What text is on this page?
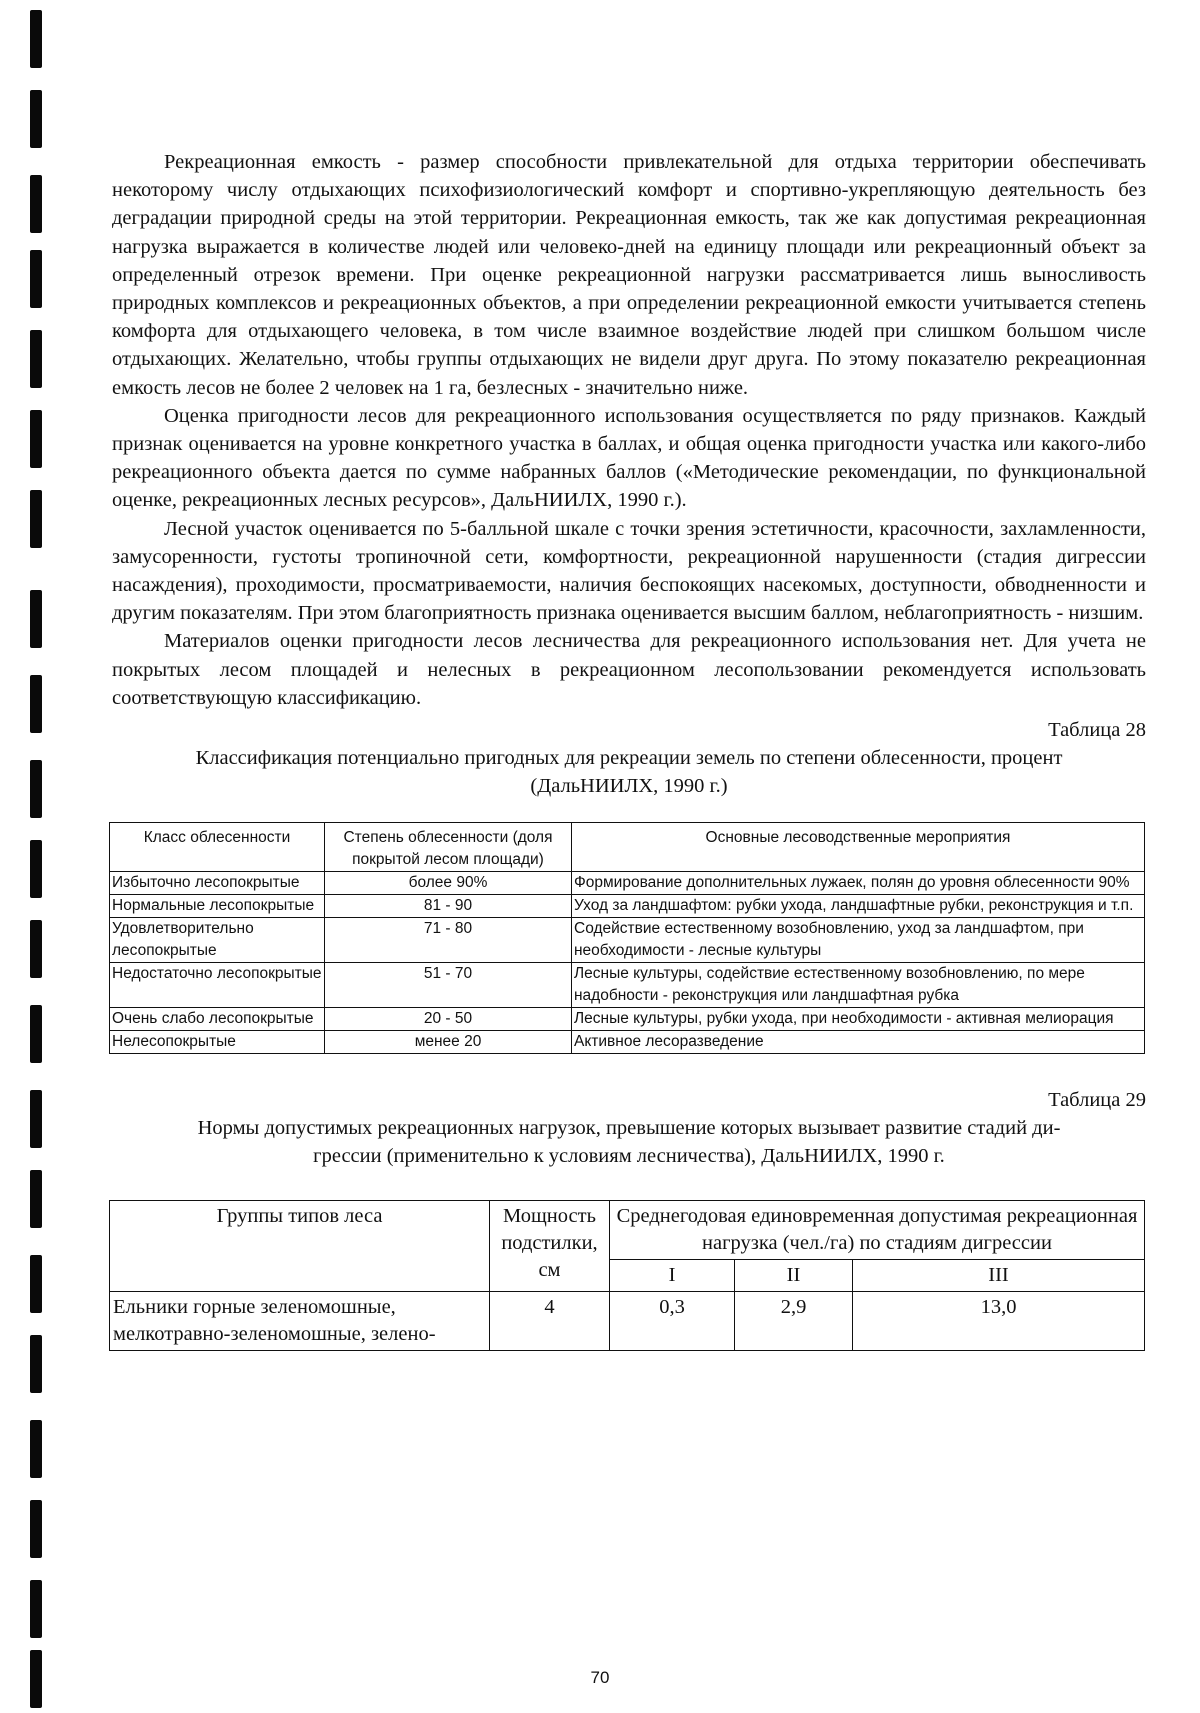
Рекреационная емкость - размер способности привлекательной для отдыха территории обеспечивать некоторому числу отдыхающих психофизиологический комфорт и спортивно-укрепляющую деятельность без деградации природной среды на этой территории. Рекреационная емкость, так же как допустимая рекреационная нагрузка выражается в количестве людей или человеко-дней на единицу площади или рекреационный объект за определенный отрезок времени. При оценке рекреационной нагрузки рассматривается лишь выносливость природных комплексов и рекреационных объектов, а при определении рекреационной емкости учитывается степень комфорта для отдыхающего человека, в том числе взаимное воздействие людей при слишком большом числе отдыхающих. Желательно, чтобы группы отдыхающих не видели друг друга. По этому показателю рекреационная емкость лесов не более 2 человек на 1 га, безлесных - значительно ниже.

Оценка пригодности лесов для рекреационного использования осуществляется по ряду признаков. Каждый признак оценивается на уровне конкретного участка в баллах, и общая оценка пригодности участка или какого-либо рекреационного объекта дается по сумме набранных баллов («Методические рекомендации, по функциональной оценке, рекреационных лесных ресурсов», ДальНИИЛХ, 1990 г.).

Лесной участок оценивается по 5-балльной шкале с точки зрения эстетичности, красочности, захламленности, замусоренности, густоты тропиночной сети, комфортности, рекреационной нарушенности (стадия дигрессии насаждения), проходимости, просматриваемости, наличия беспокоящих насекомых, доступности, обводненности и другим показателям. При этом благоприятность признака оценивается высшим баллом, неблагоприятность - низшим.

Материалов оценки пригодности лесов лесничества для рекреационного использования нет. Для учета не покрытых лесом площадей и нелесных в рекреационном лесопользовании рекомендуется использовать соответствующую классификацию.

Таблица 28

Классификация потенциально пригодных для рекреации земель по степени облесенности, процент

(ДальНИИЛХ, 1990 г.)

Класс облесенности	Степень облесенности (доля покрытой лесом площади)	Основные лесоводственные мероприятия
Избыточно лесопокрытые	более 90%	Формирование дополнительных лужаек, полян до уровня облесенности 90%
Нормальные лесопокрытые	81 - 90	Уход за ландшафтом: рубки ухода, ландшафтные рубки, реконструкция и т.п.
Удовлетворительно лесопокрытые	71 - 80	Содействие естественному возобновлению, уход за ландшафтом, при необходимости - лесные культуры
Недостаточно лесопокрытые	51 - 70	Лесные культуры, содействие естественному возобновлению, по мере надобности - реконструкция или ландшафтная рубка
Очень слабо лесопокрытые	20 - 50	Лесные культуры, рубки ухода, при необходимости - активная мелиорация
Нелесопокрытые	менее 20	Активное лесоразведение

Таблица 29

Нормы допустимых рекреационных нагрузок, превышение которых вызывает развитие стадий ди-

грессии (применительно к условиям лесничества), ДальНИИЛХ, 1990 г.

Группы типов леса	Мощность подстилки, см	Среднегодовая единовременная допустимая рекреационная нагрузка (чел./га) по стадиям дигрессии		
		I	II	III
Ельники горные зеленомошные, мелкотравно-зеленомошные, зелено-	4	0,3	2,9	13,0
70
